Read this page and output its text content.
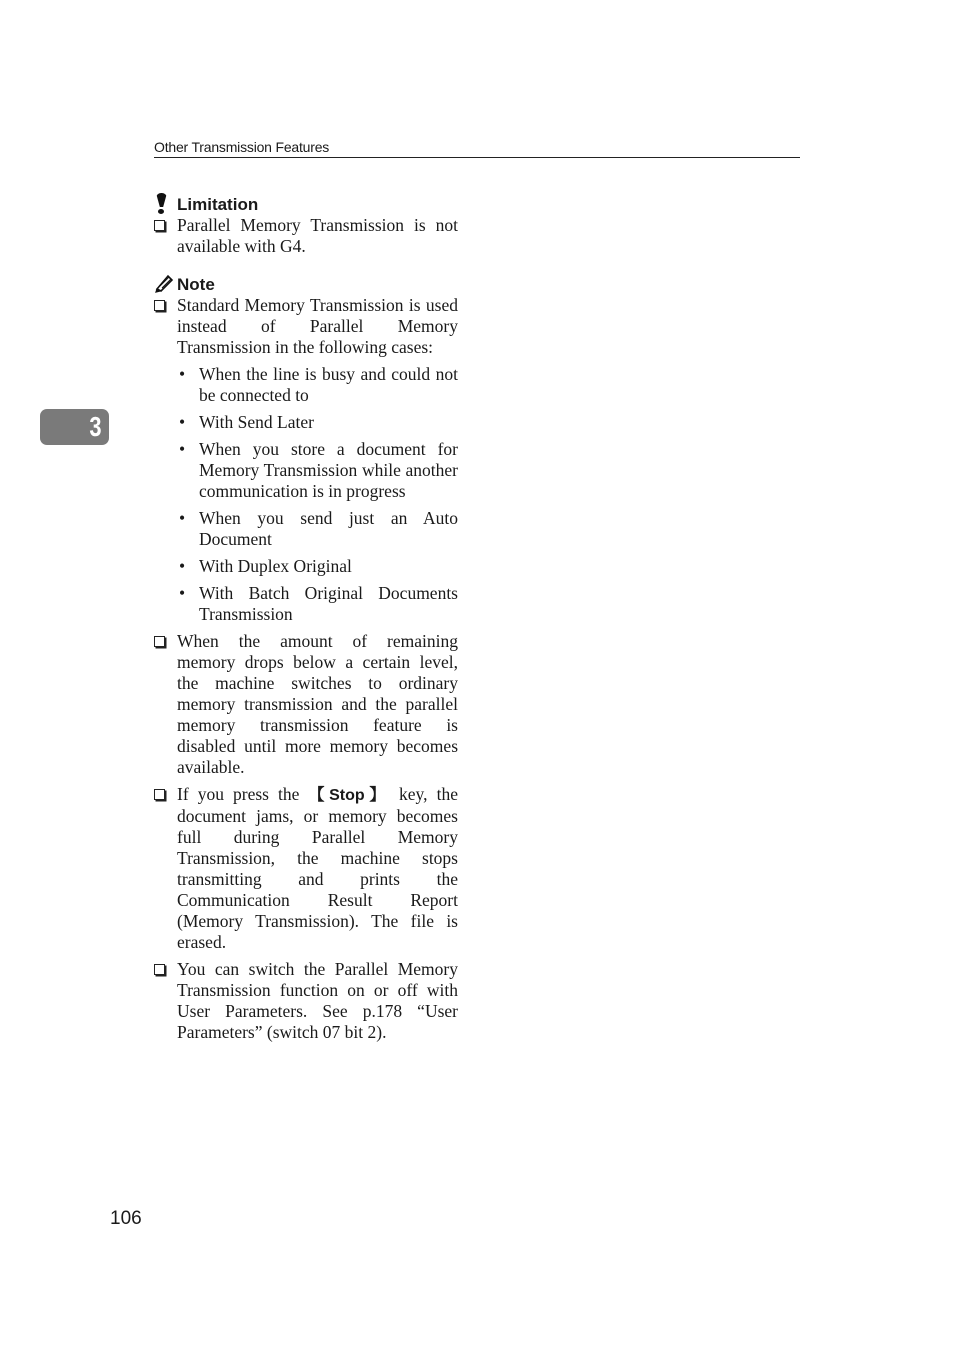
Other Transmission Features
3
Limitation
Parallel Memory Transmission is not available with G4.
Note
Standard Memory Transmission is used instead of Parallel Memory Transmission in the following cases:
• When the line is busy and could not be connected to
• With Send Later
• When you store a document for Memory Transmission while another communication is in progress
• When you send just an Auto Document
• With Duplex Original
• With Batch Original Documents Transmission
When the amount of remaining memory drops below a certain level, the machine switches to ordinary memory transmission and the parallel memory transmission feature is disabled until more memory becomes available.
If you press the 【Stop】 key, the document jams, or memory becomes full during Parallel Memory Transmission, the machine stops transmitting and prints the Communication Result Report (Memory Transmission). The file is erased.
You can switch the Parallel Memory Transmission function on or off with User Parameters. See p.178 “User Parameters” (switch 07 bit 2).
106
